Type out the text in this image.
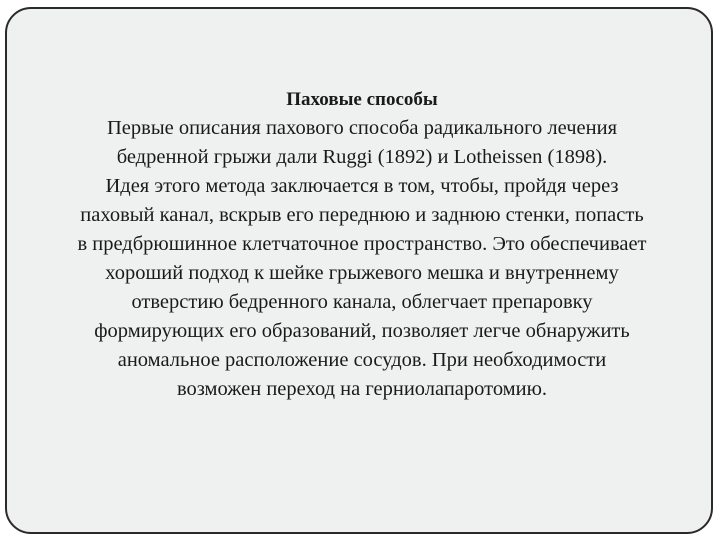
Паховые способы

Первые описания пахового способа радикального лечения бедренной грыжи дали Ruggi (1892) и Lotheissen (1898).

Идея этого метода заключается в том, чтобы, пройдя через паховый канал, вскрыв его переднюю и заднюю стенки, попасть в предбрюшинное клетчаточное пространство. Это обеспечивает хороший подход к шейке грыжевого мешка и внутреннему отверстию бедренного канала, облегчает препаровку формирующих его образований, позволяет легче обнаружить аномальное расположение сосудов. При необходимости возможен переход на герниолапаротомию.
